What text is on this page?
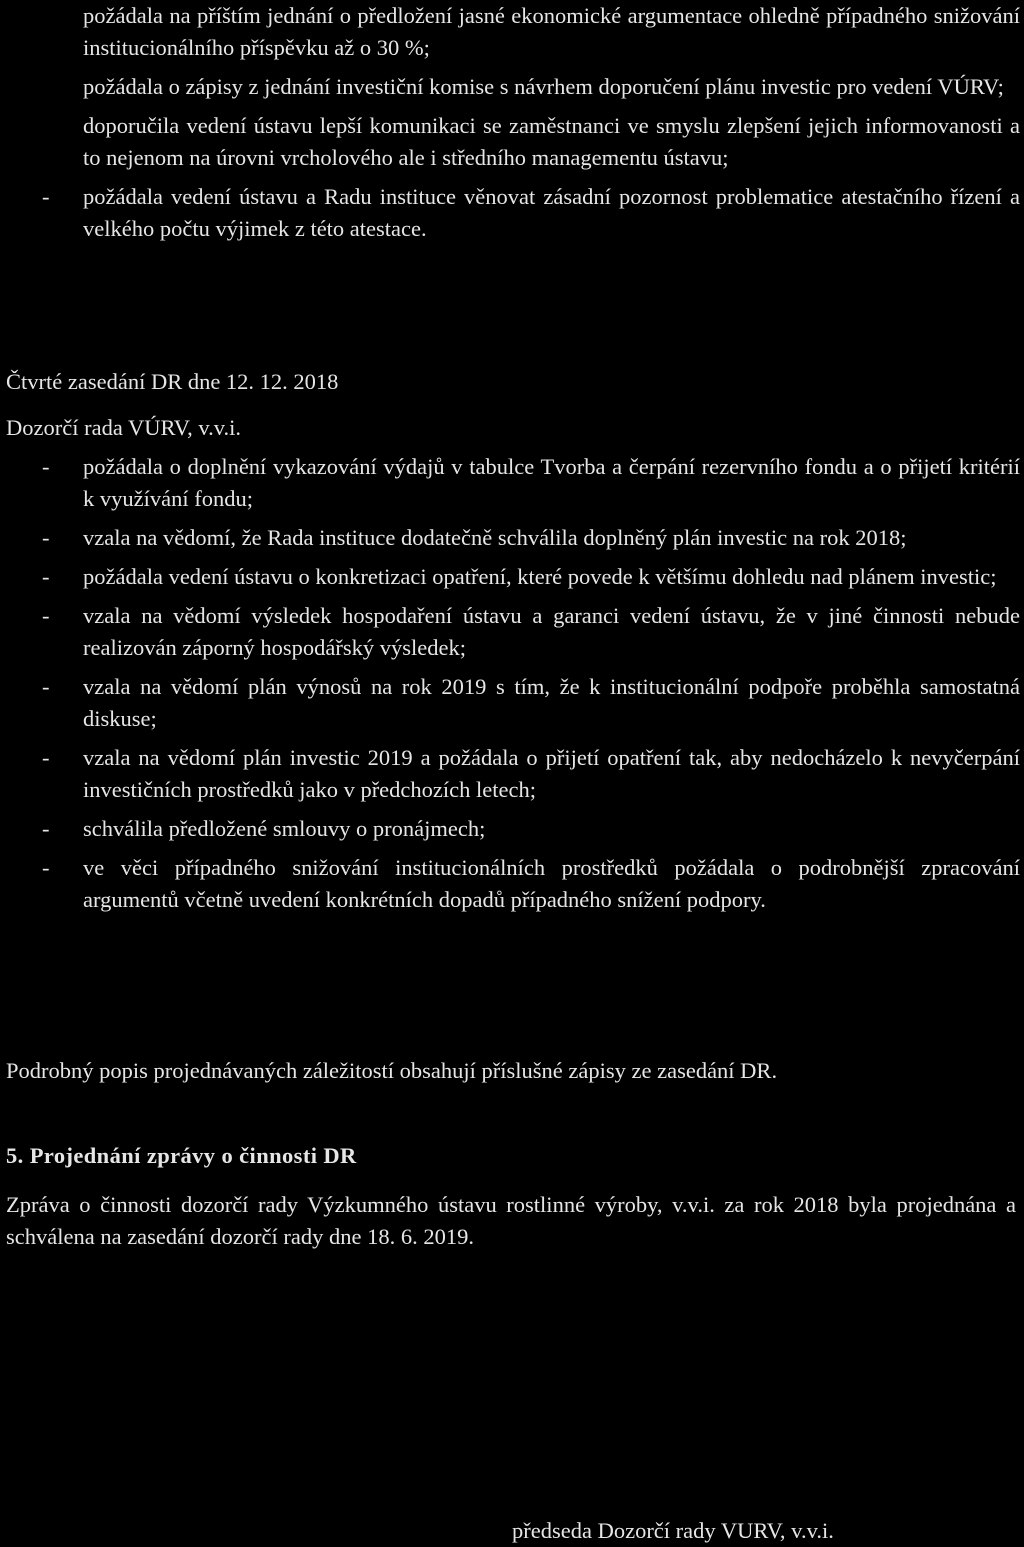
požádala na příštím jednání o předložení jasné ekonomické argumentace ohledně případného snižování institucionálního příspěvku až o 30 %;
požádala o zápisy z jednání investiční komise s návrhem doporučení plánu investic pro vedení VÚRV;
doporučila vedení ústavu lepší komunikaci se zaměstnanci ve smyslu zlepšení jejich informovanosti a to nejenom na úrovni vrcholového ale i středního managementu ústavu;
- požádala vedení ústavu a Radu instituce věnovat zásadní pozornost problematice atestačního řízení a velkého počtu výjimek z této atestace.
Čtvrté zasedání DR dne 12. 12. 2018
Dozorčí rada VÚRV, v.v.i.
- požádala o doplnění vykazování výdajů v tabulce Tvorba a čerpání rezervního fondu a o přijetí kritérií k využívání fondu;
- vzala na vědomí, že Rada instituce dodatečně schválila doplněný plán investic na rok 2018;
- požádala vedení ústavu o konkretizaci opatření, které povede k většímu dohledu nad plánem investic;
- vzala na vědomí výsledek hospodaření ústavu a garanci vedení ústavu, že v jiné činnosti nebude realizován záporný hospodářský výsledek;
- vzala na vědomí plán výnosů na rok 2019 s tím, že k institucionální podpoře proběhla samostatná diskuse;
- vzala na vědomí plán investic 2019 a požádala o přijetí opatření tak, aby nedocházelo k nevyčerpání investičních prostředků jako v předchozích letech;
- schválila předložené smlouvy o pronájmech;
- ve věci případného snižování institucionálních prostředků požádala o podrobnější zpracování argumentů včetně uvedení konkrétních dopadů případného snížení podpory.
Podrobný popis projednávaných záležitostí obsahují příslušné zápisy ze zasedání DR.
5. Projednání zprávy o činnosti DR
Zpráva o činnosti dozorčí rady Výzkumného ústavu rostlinné výroby, v.v.i. za rok 2018 byla projednána a schválena na zasedání dozorčí rady dne 18. 6. 2019.
předseda Dozorčí rady VURV, v.v.i.
